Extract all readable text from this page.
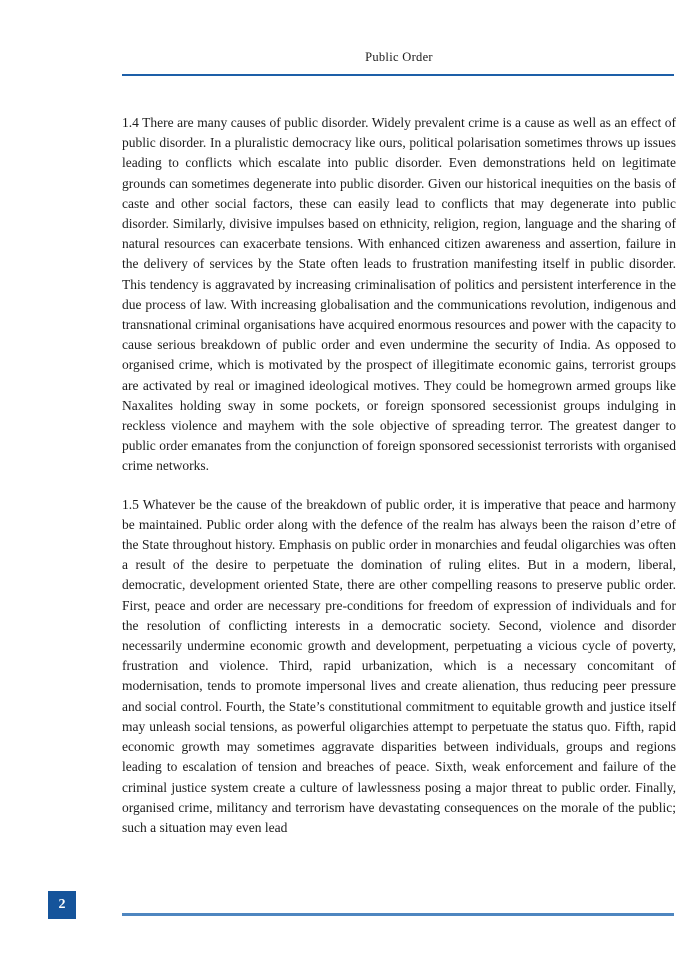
Public Order

1.4 There are many causes of public disorder. Widely prevalent crime is a cause as well as an effect of public disorder. In a pluralistic democracy like ours, political polarisation sometimes throws up issues leading to conflicts which escalate into public disorder. Even demonstrations held on legitimate grounds can sometimes degenerate into public disorder. Given our historical inequities on the basis of caste and other social factors, these can easily lead to conflicts that may degenerate into public disorder. Similarly, divisive impulses based on ethnicity, religion, region, language and the sharing of natural resources can exacerbate tensions. With enhanced citizen awareness and assertion, failure in the delivery of services by the State often leads to frustration manifesting itself in public disorder. This tendency is aggravated by increasing criminalisation of politics and persistent interference in the due process of law. With increasing globalisation and the communications revolution, indigenous and transnational criminal organisations have acquired enormous resources and power with the capacity to cause serious breakdown of public order and even undermine the security of India. As opposed to organised crime, which is motivated by the prospect of illegitimate economic gains, terrorist groups are activated by real or imagined ideological motives. They could be homegrown armed groups like Naxalites holding sway in some pockets, or foreign sponsored secessionist groups indulging in reckless violence and mayhem with the sole objective of spreading terror. The greatest danger to public order emanates from the conjunction of foreign sponsored secessionist terrorists with organised crime networks.

1.5 Whatever be the cause of the breakdown of public order, it is imperative that peace and harmony be maintained. Public order along with the defence of the realm has always been the raison d’etre of the State throughout history. Emphasis on public order in monarchies and feudal oligarchies was often a result of the desire to perpetuate the domination of ruling elites. But in a modern, liberal, democratic, development oriented State, there are other compelling reasons to preserve public order. First, peace and order are necessary pre-conditions for freedom of expression of individuals and for the resolution of conflicting interests in a democratic society. Second, violence and disorder necessarily undermine economic growth and development, perpetuating a vicious cycle of poverty, frustration and violence. Third, rapid urbanization, which is a necessary concomitant of modernisation, tends to promote impersonal lives and create alienation, thus reducing peer pressure and social control. Fourth, the State’s constitutional commitment to equitable growth and justice itself may unleash social tensions, as powerful oligarchies attempt to perpetuate the status quo. Fifth, rapid economic growth may sometimes aggravate disparities between individuals, groups and regions leading to escalation of tension and breaches of peace. Sixth, weak enforcement and failure of the criminal justice system create a culture of lawlessness posing a major threat to public order. Finally, organised crime, militancy and terrorism have devastating consequences on the morale of the public; such a situation may even lead

2
